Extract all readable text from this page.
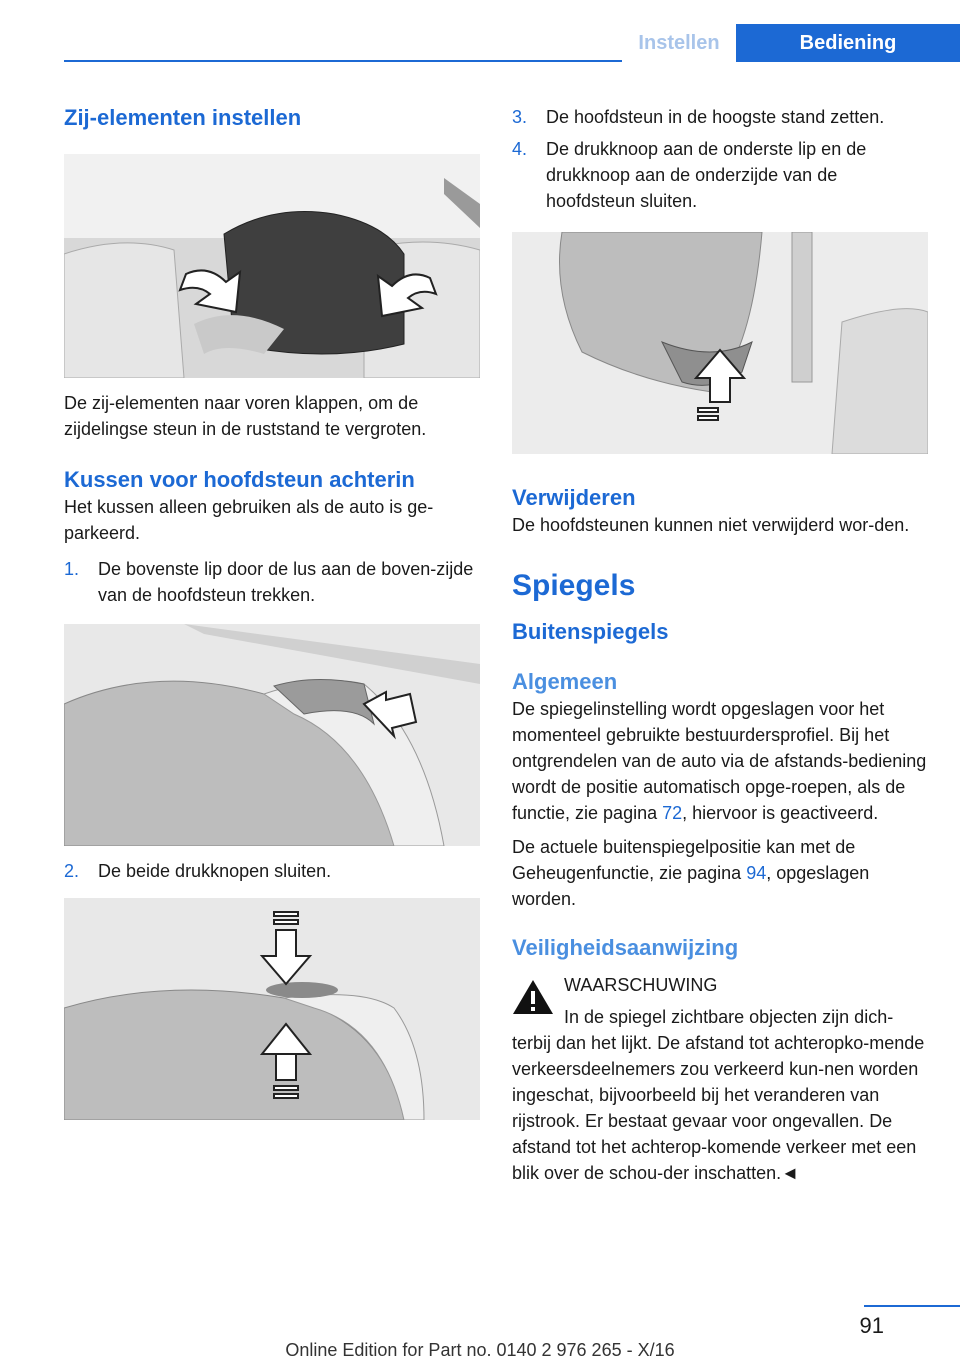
Instellen	Bediening
Zij-elementen instellen

De zij-elementen naar voren klappen, om de zijdelingse steun in de ruststand te vergroten.

Kussen voor hoofdsteun achterin

Het kussen alleen gebruiken als de auto is ge-parkeerd.

1.	De bovenste lip door de lus aan de boven-zijde van de hoofdsteun trekken.
2.	De beide drukknopen sluiten.
3.	De hoofdsteun in de hoogste stand zetten.
4.	De drukknoop aan de onderste lip en de drukknoop aan de onderzijde van de hoofdsteun sluiten.
Verwijderen

De hoofdsteunen kunnen niet verwijderd wor-den.

Spiegels
Buitenspiegels
Algemeen

De spiegelinstelling wordt opgeslagen voor het momenteel gebruikte bestuurdersprofiel. Bij het ontgrendelen van de auto via de afstands-bediening wordt de positie automatisch opge-roepen, als de functie, zie pagina 72, hiervoor is geactiveerd.

De actuele buitenspiegelpositie kan met de Geheugenfunctie, zie pagina 94, opgeslagen worden.

Veiligheidsaanwijzing

WAARSCHUWING

In de spiegel zichtbare objecten zijn dich-terbij dan het lijkt. De afstand tot achteropko-mende verkeersdeelnemers zou verkeerd kun-nen worden ingeschat, bijvoorbeeld bij het veranderen van rijstrook. Er bestaat gevaar voor ongevallen. De afstand tot het achterop-komende verkeer met een blik over de schou-der inschatten.◄

91
Online Edition for Part no. 0140 2 976 265 - X/16
